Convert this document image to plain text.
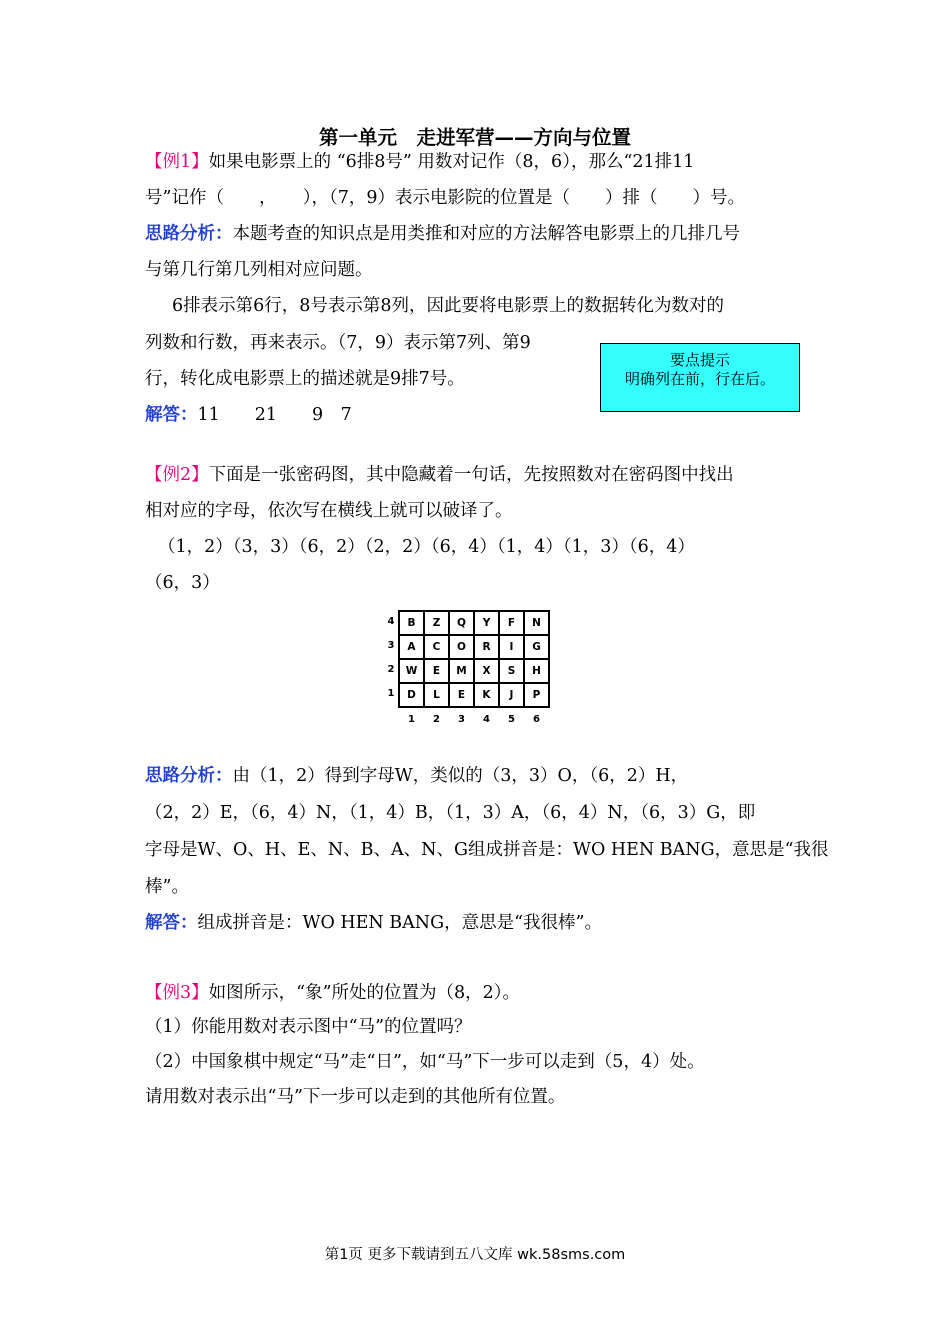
第一单元　走进军营——方向与位置
【例1】如果电影票上的 “6排8号” 用数对记作（8，6），那么“21排11
号”记作（　　，　　），（7，9）表示电影院的位置是（　　）排（　　）号。
思路分析：本题考查的知识点是用类推和对应的方法解答电影票上的几排几号
与第几行第几列相对应问题。
6排表示第6行，8号表示第8列，因此要将电影票上的数据转化为数对的
列数和行数，再来表示。（7，9）表示第7列、第9
行，转化成电影票上的描述就是9排7号。
解答：11　　21　　9　7
要点提示
明确列在前，行在后。
【例2】下面是一张密码图，其中隐藏着一句话，先按照数对在密码图中找出
相对应的字母，依次写在横线上就可以破译了。
（1，2）（3，3）（6，2）（2，2）（6，4）（1，4）（1，3）（6，4）
（6，3）
4
3
2
1
B	Z	Q	Y	F	N
A	C	O	R	I	G
W	E	M	X	S	H
D	L	E	K	J	P
1	2	3	4	5	6
思路分析：由（1，2）得到字母W，类似的（3，3）O，（6，2）H，
（2，2）E，（6，4）N，（1，4）B，（1，3）A，（6，4）N，（6，3）G，即
字母是W、O、H、E、N、B、A、N、G组成拼音是：WO HEN BANG，意思是“我很
棒”。
解答：组成拼音是：WO HEN BANG，意思是“我很棒”。
【例3】如图所示，“象”所处的位置为（8，2）。
（1）你能用数对表示图中“马”的位置吗？
（2）中国象棋中规定“马”走“日”，如“马”下一步可以走到（5，4）处。
请用数对表示出“马”下一步可以走到的其他所有位置。
第1页 更多下载请到五八文库 wk.58sms.com
